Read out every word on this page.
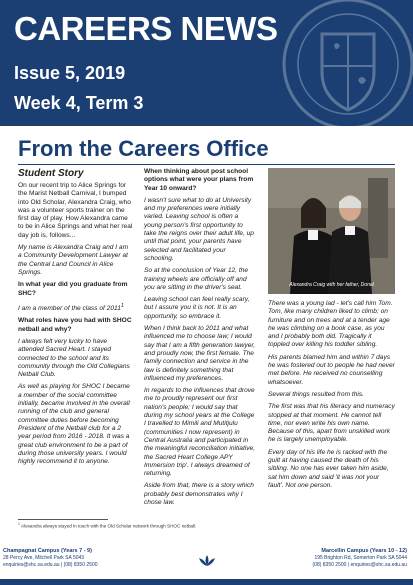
CAREERS NEWS
Issue 5, 2019
Week 4, Term 3
From the Careers Office
Student Story

On our recent trip to Alice Springs for the Marist Netball Carnival, I bumped into Old Scholar, Alexandra Craig, who was a volunteer sports trainer on the first day of play. How Alexandra came to be in Alice Springs and what her real day job is, follows...

My name is Alexandra Craig and I am a Community Development Lawyer at the Central Land Council in Alice Springs.

In what year did you graduate from SHC?

I am a member of the class of 2011$^1$

What roles have you had with SHOC netball and why?

I always felt very lucky to have attended Sacred Heart. I stayed connected to the school and its community through the Old Collegians Netball Club.

As well as playing for SHOC I became a member of the social committee initially, became involved in the overall running of the club and general committee duties before becoming President of the Netball club for a 2 year period from 2016 - 2018. It was a great club environment to be a part of during those university years. I would highly recommend it to anyone.

When thinking about post school options what were your plans from Year 10 onward?

I wasn't sure what to do at University and my preferences were initially varied. Leaving school is often a young person's first opportunity to take the reigns over their adult life, up until that point, your parents have selected and facilitated your schooling.

So at the conclusion of Year 12, the training wheels are officially off and you are sitting in the driver's seat.

Leaving school can feel really scary, but I assure you it is not. It is an opportunity, so embrace it.

When I think back to 2011 and what influenced me to choose law; I would say that I am a fifth generation lawyer, and proudly now, the first female. The family connection and service in the law is definitely something that influenced my preferences.

In regards to the influences that drove me to proudly represent our first nation's people; I would say that during my school years at the College I travelled to Mimili and Mutitjulu (communities I now represent) in Central Australia and participated in the meaningful reconciliation initiative, the Sacred Heart College APY Immersion trip'. I always dreamed of returning.

Aside from that, there is a story which probably best demonstrates why I chose law.

Alexandra Craig with her father, Donal

There was a young lad - let's call him Tom. Tom, like many children liked to climb; on furniture and on trees and at a tender age he was climbing on a book case, as you and I probably both did. Tragically it toppled over killing his toddler sibling.

His parents blamed him and within 7 days he was fostered out to people he had never met before. He received no counselling whatsoever.

Several things resulted from this.

The first was that his literacy and numeracy stopped at that moment. He cannot tell time, nor even write his own name. Because of this, apart from unskilled work he is largely unemployable.

Every day of his life he is racked with the guilt at having caused the death of his sibling. No one has ever taken him aside, sat him down and said 'it was not your fault'. Not one person.

$^1$ Alexandra always stayed in touch with the Old Scholar network through SHOC netball.
Champagnat Campus (Years 7 - 9)
28 Percy Ave, Mitchell Park SA 5043
enquiries@shc.sa.edu.au | (08) 8350 2500
Marcellin Campus (Years 10 - 12)
195 Brighton Rd, Somerton Park SA 5044
(08) 8350 2500 | enquiries@shc.sa.edu.au
